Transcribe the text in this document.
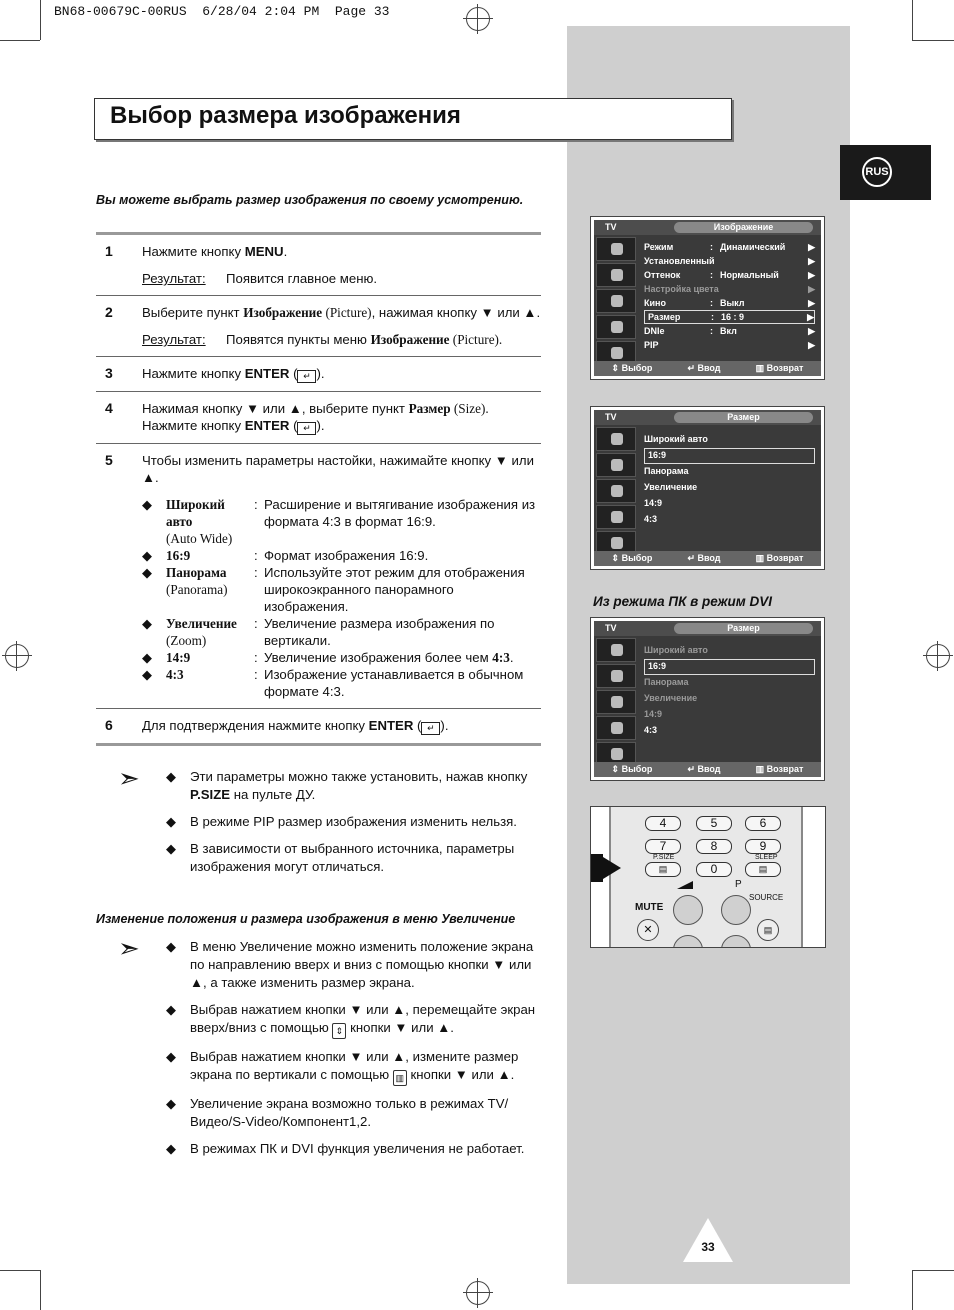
BN68-00679C-00RUS 6/28/04 2:04 PM Page 33
RUS
Выбор размера изображения
Вы можете выбрать размер изображения по своему усмотрению.
1	Нажмите кнопку MENU.
Результат:	Появится главное меню.
2	Выберите пункт Изображение (Picture), нажимая кнопку ▼ или ▲.
Результат:	Появятся пункты меню Изображение (Picture).
3	Нажмите кнопку ENTER ( ↵ ).
4	Нажимая кнопку ▼ или ▲, выберите пункт Размер (Size).
Нажмите кнопку ENTER ( ↵ ).
5	Чтобы изменить параметры настойки, нажимайте кнопку ▼ или ▲.
◆	Широкий авто
(Auto Wide)
: Расширение и вытягивание изображения из формата 4:3 в формат 16:9.
◆	16:9	: Формат изображения 16:9.
◆	Панорама
(Panorama)
: Используйте этот режим для отображения широкоэкранного панорамного изображения.
◆	Увеличение
(Zoom)
: Увеличение размера изображения по вертикали.
◆	14:9	: Увеличение изображения более чем 4:3.
◆	4:3	: Изображение устанавливается в обычном формате 4:3.
6	Для подтверждения нажмите кнопку ENTER ( ↵ ).
➣ ◆	Эти параметры можно также установить, нажав кнопку P.SIZE на пульте ДУ.
◆	В режиме PIP размер изображения изменить нельзя.
◆	В зависимости от выбранного источника, параметры изображения могут отличаться.
Изменение положения и размера изображения в меню Увеличение
➣ ◆	В меню Увеличение можно изменить положение экрана по направлению вверх и вниз с помощью кнопки ▼ или ▲, а также изменить размер экрана.
◆	Выбрав нажатием кнопки ▼ или ▲, перемещайте экран вверх/вниз с помощью ⇕ кнопки ▼ или ▲.
◆	Выбрав нажатием кнопки ▼ или ▲, измените размер экрана по вертикали с помощью ▥ кнопки ▼ или ▲.
◆	Увеличение экрана возможно только в режимах TV/Видео/S-Video/Компонент1,2.
◆	В режимах ПК и DVI функция увеличения не работает.
TV	Изображение
Режим	: Динамический	▶
Установленный	▶
Оттенок	: Нормальный	▶
Настройка цвета	▶
Кино	: Выкл	▶
Размер	: 16 : 9	▶
DNIe	: Вкл	▶
PIP	▶
⇕ Выбор	↵ Ввод	▥ Возврат
TV	Размер
Широкий авто
16:9
Панорама
Увеличение
14:9
4:3
⇕ Выбор	↵ Ввод	▥ Возврат
Из режима ПК в режим DVI
TV	Размер
Широкий авто
16:9
Панорама
Увеличение
14:9
4:3
⇕ Выбор	↵ Ввод	▥ Возврат
4	5	6
7	8	9
P.SIZE	SLEEP
▤	0	▤
P
SOURCE
MUTE
✕	▤
33
